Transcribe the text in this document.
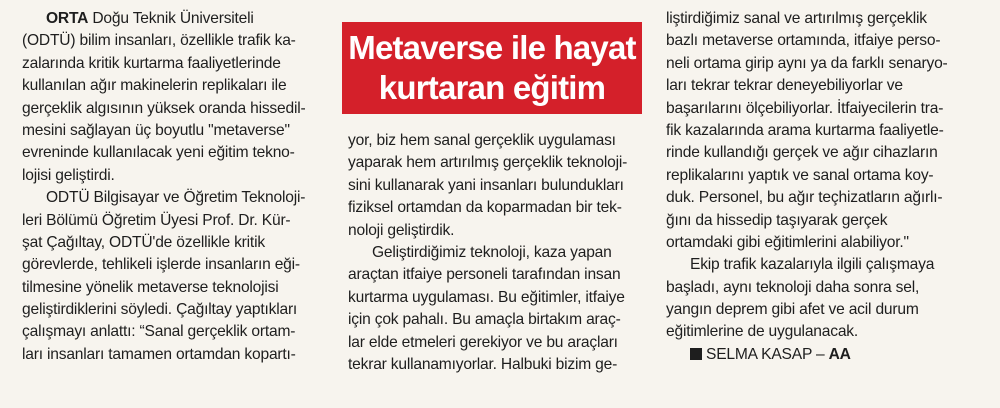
ORTA Doğu Teknik Üniversiteli
(ODTÜ) bilim insanları, özellikle trafik ka-
zalarında kritik kurtarma faaliyetlerinde
kullanılan ağır makinelerin replikaları ile
gerçeklik algısının yüksek oranda hissedil-
mesini sağlayan üç boyutlu "metaverse"
evreninde kullanılacak yeni eğitim tekno-
lojisi geliştirdi.
ODTÜ Bilgisayar ve Öğretim Teknoloji-
leri Bölümü Öğretim Üyesi Prof. Dr. Kür-
şat Çağıltay, ODTÜ'de özellikle kritik
görevlerde, tehlikeli işlerde insanların eği-
tilmesine yönelik metaverse teknolojisi
geliştirdiklerini söyledi. Çağıltay yaptıkları
çalışmayı anlattı: “Sanal gerçeklik ortam-
ları insanları tamamen ortamdan kopartı-
Metaverse ile hayat
kurtaran eğitim
yor, biz hem sanal gerçeklik uygulaması
yaparak hem artırılmış gerçeklik teknoloji-
sini kullanarak yani insanları bulundukları
fiziksel ortamdan da koparmadan bir tek-
noloji geliştirdik.
Geliştirdiğimiz teknoloji, kaza yapan
araçtan itfaiye personeli tarafından insan
kurtarma uygulaması. Bu eğitimler, itfaiye
için çok pahalı. Bu amaçla birtakım araç-
lar elde etmeleri gerekiyor ve bu araçları
tekrar kullanamıyorlar. Halbuki bizim ge-
liştirdiğimiz sanal ve artırılmış gerçeklik
bazlı metaverse ortamında, itfaiye perso-
neli ortama girip aynı ya da farklı senaryo-
ları tekrar tekrar deneyebiliyorlar ve
başarılarını ölçebiliyorlar. İtfaiyecilerin tra-
fik kazalarında arama kurtarma faaliyetle-
rinde kullandığı gerçek ve ağır cihazların
replikalarını yaptık ve sanal ortama koy-
duk. Personel, bu ağır teçhizatların ağırlı-
ğını da hissedip taşıyarak gerçek
ortamdaki gibi eğitimlerini alabiliyor."
Ekip trafik kazalarıyla ilgili çalışmaya
başladı, aynı teknoloji daha sonra sel,
yangın deprem gibi afet ve acil durum
eğitimlerine de uygulanacak.
SELMA KASAP – AA
